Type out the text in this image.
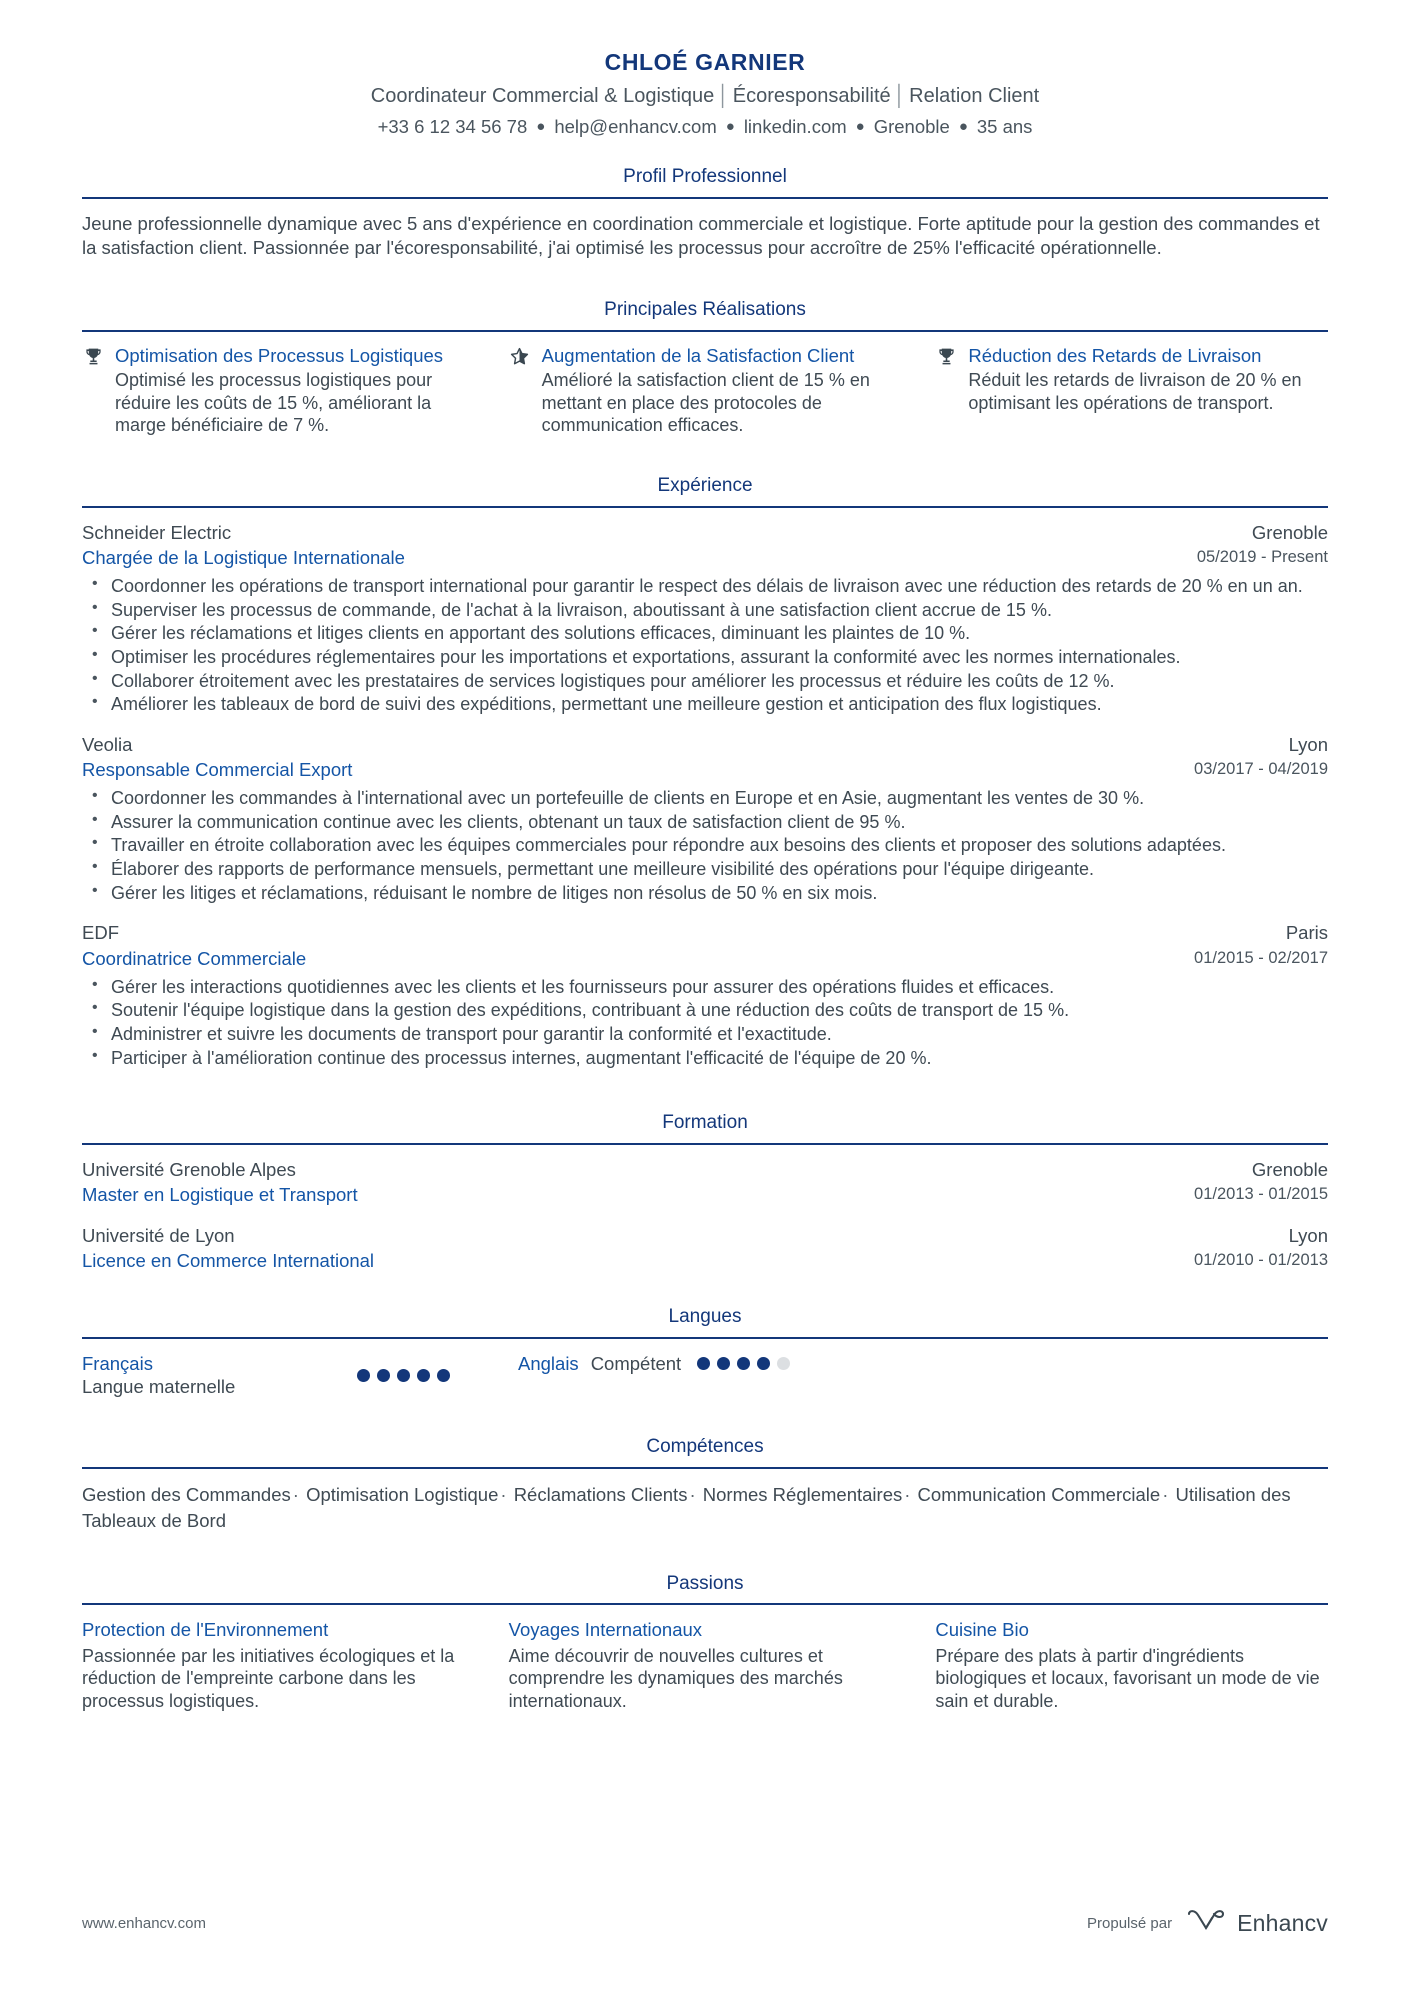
CHLOÉ GARNIER
Coordinateur Commercial & Logistique │ Écoresponsabilité │ Relation Client
+33 6 12 34 56 78 ● help@enhancv.com ● linkedin.com ● Grenoble ● 35 ans
Profil Professionnel
Jeune professionnelle dynamique avec 5 ans d'expérience en coordination commerciale et logistique. Forte aptitude pour la gestion des commandes et la satisfaction client. Passionnée par l'écoresponsabilité, j'ai optimisé les processus pour accroître de 25% l'efficacité opérationnelle.
Principales Réalisations
Optimisation des Processus Logistiques
Optimisé les processus logistiques pour réduire les coûts de 15 %, améliorant la marge bénéficiaire de 7 %.
Augmentation de la Satisfaction Client
Amélioré la satisfaction client de 15 % en mettant en place des protocoles de communication efficaces.
Réduction des Retards de Livraison
Réduit les retards de livraison de 20 % en optimisant les opérations de transport.
Expérience
Schneider Electric
Chargée de la Logistique Internationale
Grenoble
05/2019 - Present
• Coordonner les opérations de transport international pour garantir le respect des délais de livraison avec une réduction des retards de 20 % en un an.
• Superviser les processus de commande, de l'achat à la livraison, aboutissant à une satisfaction client accrue de 15 %.
• Gérer les réclamations et litiges clients en apportant des solutions efficaces, diminuant les plaintes de 10 %.
• Optimiser les procédures réglementaires pour les importations et exportations, assurant la conformité avec les normes internationales.
• Collaborer étroitement avec les prestataires de services logistiques pour améliorer les processus et réduire les coûts de 12 %.
• Améliorer les tableaux de bord de suivi des expéditions, permettant une meilleure gestion et anticipation des flux logistiques.
Veolia
Responsable Commercial Export
Lyon
03/2017 - 04/2019
• Coordonner les commandes à l'international avec un portefeuille de clients en Europe et en Asie, augmentant les ventes de 30 %.
• Assurer la communication continue avec les clients, obtenant un taux de satisfaction client de 95 %.
• Travailler en étroite collaboration avec les équipes commerciales pour répondre aux besoins des clients et proposer des solutions adaptées.
• Élaborer des rapports de performance mensuels, permettant une meilleure visibilité des opérations pour l'équipe dirigeante.
• Gérer les litiges et réclamations, réduisant le nombre de litiges non résolus de 50 % en six mois.
EDF
Coordinatrice Commerciale
Paris
01/2015 - 02/2017
• Gérer les interactions quotidiennes avec les clients et les fournisseurs pour assurer des opérations fluides et efficaces.
• Soutenir l'équipe logistique dans la gestion des expéditions, contribuant à une réduction des coûts de transport de 15 %.
• Administrer et suivre les documents de transport pour garantir la conformité et l'exactitude.
• Participer à l'amélioration continue des processus internes, augmentant l'efficacité de l'équipe de 20 %.
Formation
Université Grenoble Alpes
Master en Logistique et Transport
Grenoble
01/2013 - 01/2015
Université de Lyon
Licence en Commerce International
Lyon
01/2010 - 01/2013
Langues
Français
Langue maternelle
Anglais Compétent
Compétences
Gestion des Commandes · Optimisation Logistique · Réclamations Clients · Normes Réglementaires · Communication Commerciale · Utilisation des Tableaux de Bord
Passions
Protection de l'Environnement
Passionnée par les initiatives écologiques et la réduction de l'empreinte carbone dans les processus logistiques.
Voyages Internationaux
Aime découvrir de nouvelles cultures et comprendre les dynamiques des marchés internationaux.
Cuisine Bio
Prépare des plats à partir d'ingrédients biologiques et locaux, favorisant un mode de vie sain et durable.
www.enhancv.com	Propulsé par	Enhancv
